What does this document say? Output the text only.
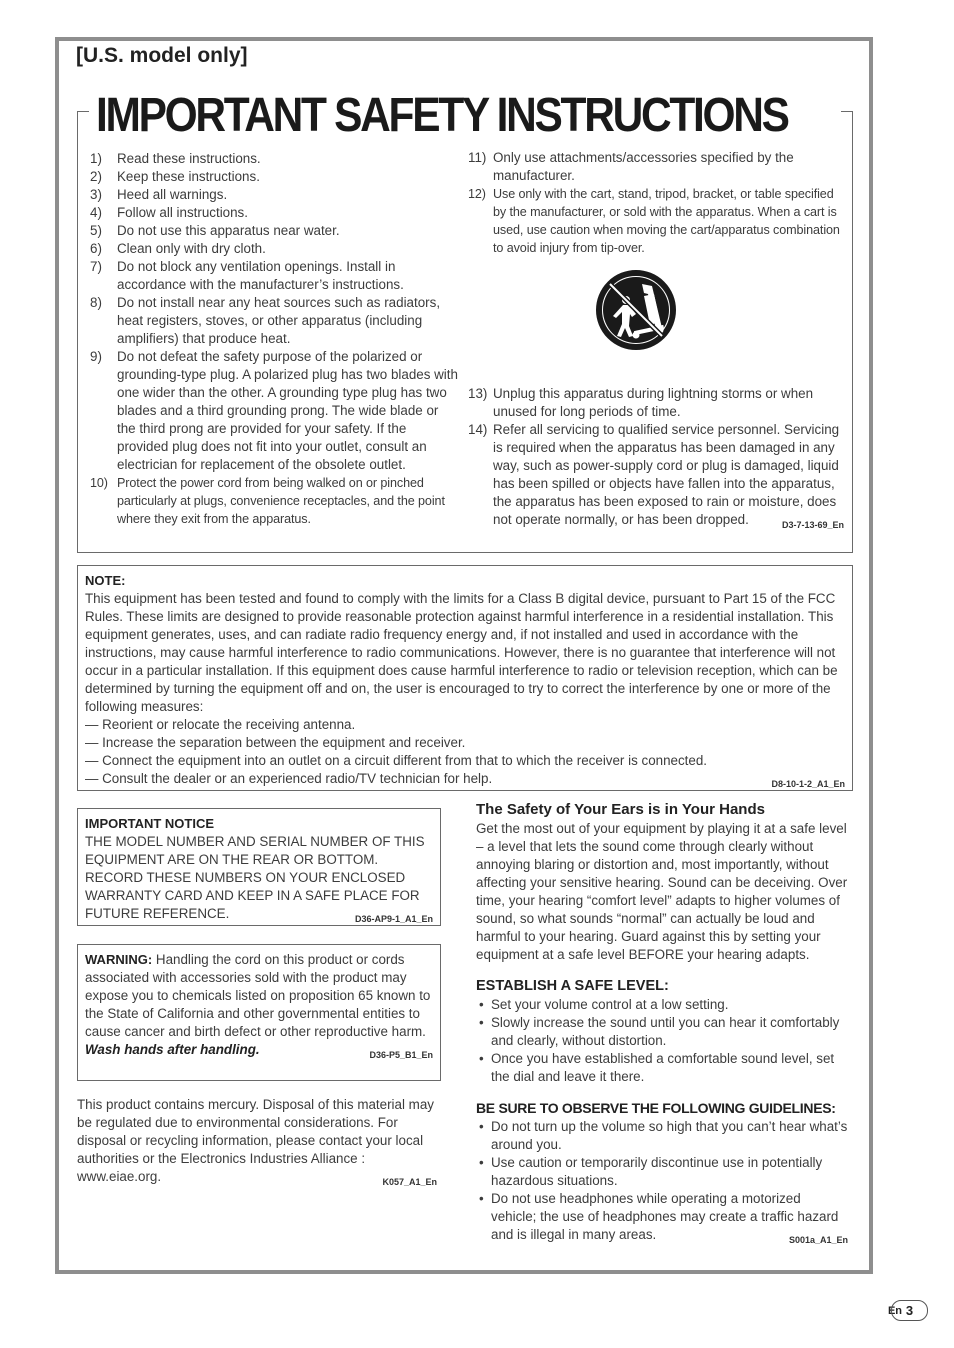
[U.S. model only]
IMPORTANT SAFETY INSTRUCTIONS
1)	Read these instructions.
2)	Keep these instructions.
3)	Heed all warnings.
4)	Follow all instructions.
5)	Do not use this apparatus near water.
6)	Clean only with dry cloth.
7)	Do not block any ventilation openings. Install in accordance with the manufacturer’s instructions.
8)	Do not install near any heat sources such as radiators, heat registers, stoves, or other apparatus (including amplifiers) that produce heat.
9)	Do not defeat the safety purpose of the polarized or grounding-type plug. A polarized plug has two blades with one wider than the other. A grounding type plug has two blades and a third grounding prong. The wide blade or the third prong are provided for your safety. If the provided plug does not fit into your outlet, consult an electrician for replacement of the obsolete outlet.
10) Protect the power cord from being walked on or pinched particularly at plugs, convenience receptacles, and the point where they exit from the apparatus.
11) Only use attachments/accessories specified by the manufacturer.
12) Use only with the cart, stand, tripod, bracket, or table specified by the manufacturer, or sold with the apparatus. When a cart is used, use caution when moving the cart/apparatus combination to avoid injury from tip-over.
13) Unplug this apparatus during lightning storms or when unused for long periods of time.
14) Refer all servicing to qualified service personnel. Servicing is required when the apparatus has been damaged in any way, such as power-supply cord or plug is damaged, liquid has been spilled or objects have fallen into the apparatus, the apparatus has been exposed to rain or moisture, does not operate normally, or has been dropped.	D3-7-13-69_En
NOTE:
This equipment has been tested and found to comply with the limits for a Class B digital device, pursuant to Part 15 of the FCC Rules. These limits are designed to provide reasonable protection against harmful interference in a residential installation. This equipment generates, uses, and can radiate radio frequency energy and, if not installed and used in accordance with the instructions, may cause harmful interference to radio communications. However, there is no guarantee that interference will not occur in a particular installation. If this equipment does cause harmful interference to radio or television reception, which can be determined by turning the equipment off and on, the user is encouraged to try to correct the interference by one or more of the following measures:
— Reorient or relocate the receiving antenna.
— Increase the separation between the equipment and receiver.
— Connect the equipment into an outlet on a circuit different from that to which the receiver is connected.
— Consult the dealer or an experienced radio/TV technician for help.	D8-10-1-2_A1_En
IMPORTANT NOTICE
THE MODEL NUMBER AND SERIAL NUMBER OF THIS EQUIPMENT ARE ON THE REAR OR BOTTOM. RECORD THESE NUMBERS ON YOUR ENCLOSED WARRANTY CARD AND KEEP IN A SAFE PLACE FOR FUTURE REFERENCE.	D36-AP9-1_A1_En
WARNING: Handling the cord on this product or cords associated with accessories sold with the product may expose you to chemicals listed on proposition 65 known to the State of California and other governmental entities to cause cancer and birth defect or other reproductive harm.
Wash hands after handling.	D36-P5_B1_En
This product contains mercury. Disposal of this material may be regulated due to environmental considerations. For disposal or recycling information, please contact your local authorities or the Electronics Industries Alliance : www.eiae.org.	K057_A1_En
The Safety of Your Ears is in Your Hands
Get the most out of your equipment by playing it at a safe level – a level that lets the sound come through clearly without annoying blaring or distortion and, most importantly, without affecting your sensitive hearing. Sound can be deceiving. Over time, your hearing “comfort level” adapts to higher volumes of sound, so what sounds “normal” can actually be loud and harmful to your hearing. Guard against this by setting your equipment at a safe level BEFORE your hearing adapts.
ESTABLISH A SAFE LEVEL:
• Set your volume control at a low setting.
• Slowly increase the sound until you can hear it comfortably and clearly, without distortion.
• Once you have established a comfortable sound level, set the dial and leave it there.
BE SURE TO OBSERVE THE FOLLOWING GUIDELINES:
• Do not turn up the volume so high that you can’t hear what’s around you.
• Use caution or temporarily discontinue use in potentially hazardous situations.
• Do not use headphones while operating a motorized vehicle; the use of headphones may create a traffic hazard and is illegal in many areas.	S001a_A1_En
En 3
